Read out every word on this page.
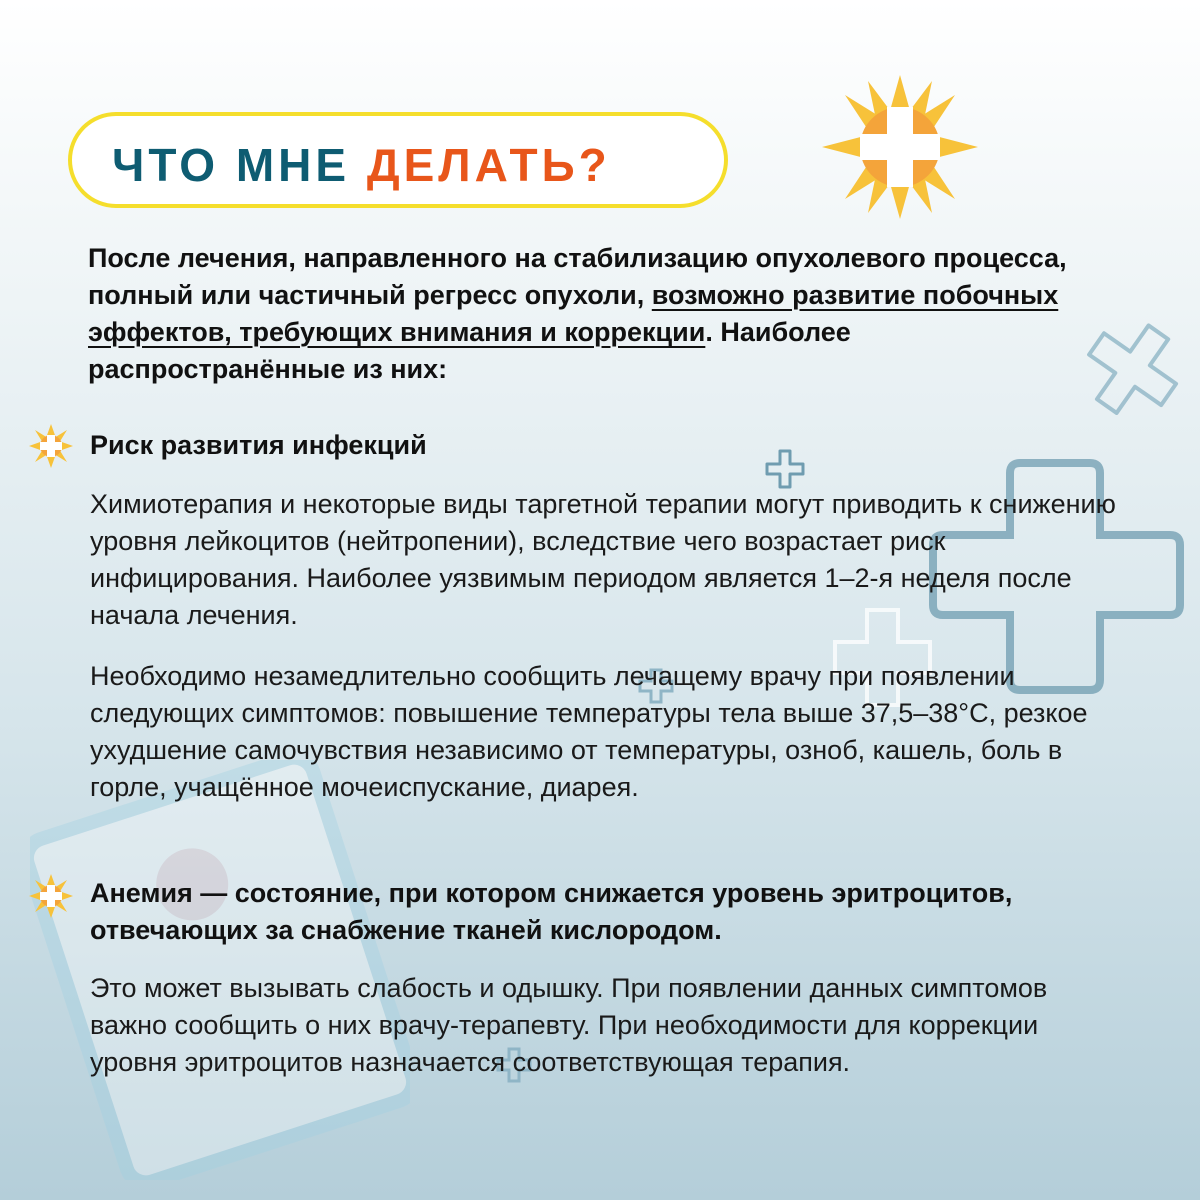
ЧТО МНЕ ДЕЛАТЬ?

После лечения, направленного на стабилизацию опухолевого процесса, полный или частичный регресс опухоли, возможно развитие побочных эффектов, требующих внимания и коррекции. Наиболее распространённые из них:

Риск развития инфекций

Химиотерапия и некоторые виды таргетной терапии могут приводить к снижению уровня лейкоцитов (нейтропении), вследствие чего возрастает риск инфицирования. Наиболее уязвимым периодом является 1–2-я неделя после начала лечения.

Необходимо незамедлительно сообщить лечащему врачу при появлении следующих симптомов: повышение температуры тела выше 37,5–38°C, резкое ухудшение самочувствия независимо от температуры, озноб, кашель, боль в горле, учащённое мочеиспускание, диарея.

Анемия — состояние, при котором снижается уровень эритроцитов, отвечающих за снабжение тканей кислородом.

Это может вызывать слабость и одышку. При появлении данных симптомов важно сообщить о них врачу-терапевту. При необходимости для коррекции уровня эритроцитов назначается соответствующая терапия.
